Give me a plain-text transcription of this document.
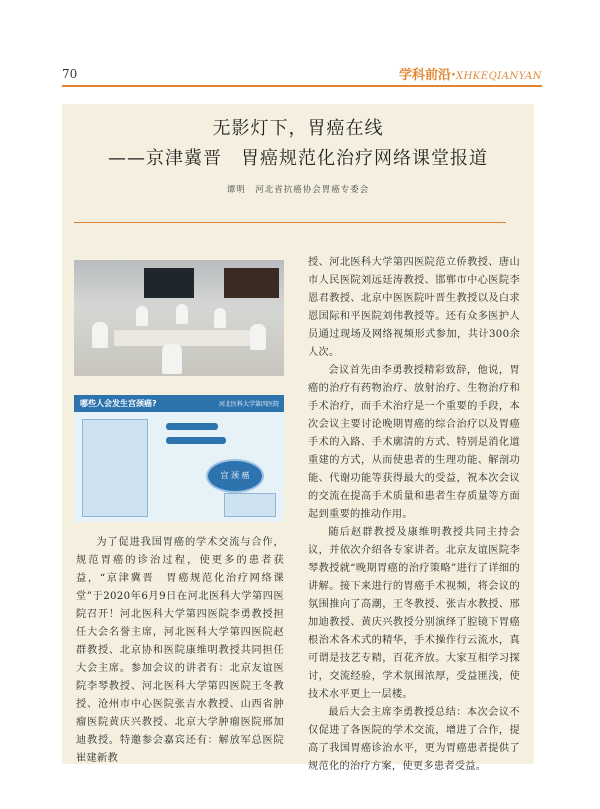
70	学科前沿·XHKEQIANYAN
无影灯下，胃癌在线
——京津冀晋　胃癌规范化治疗网络课堂报道
谭明　河北省抗癌协会胃癌专委会
哪些人会发生宫颈癌?	河北医科大学第四医院
宫 颈 癌

为了促进我国胃癌的学术交流与合作，规范胃癌的诊治过程，使更多的患者获益，“京津冀晋　胃癌规范化治疗网络课堂”于2020年6月9日在河北医科大学第四医院召开！河北医科大学第四医院李勇教授担任大会名誉主席，河北医科大学第四医院赵群教授、北京协和医院康维明教授共同担任大会主席。参加会议的讲者有：北京友谊医院李琴教授、河北医科大学第四医院王冬教授、沧州市中心医院张吉水教授、山西省肿瘤医院黄庆兴教授、北京大学肿瘤医院邢加迪教授。特邀参会嘉宾还有：解放军总医院崔建新教

授、河北医科大学第四医院范立侨教授、唐山市人民医院刘远廷涛教授、邯郸市中心医院李恩君教授、北京中医医院叶晋生教授以及白求恩国际和平医院刘伟教授等。还有众多医护人员通过现场及网络视频形式参加，共计300余人次。

会议首先由李勇教授精彩致辞，他说，胃癌的治疗有药物治疗、放射治疗、生物治疗和手术治疗，而手术治疗是一个重要的手段，本次会议主要讨论晚期胃癌的综合治疗以及胃癌手术的入路、手术廓清的方式、特别是消化道重建的方式，从而使患者的生理功能、解剖功能、代谢功能等获得最大的受益，祝本次会议的交流在提高手术质量和患者生存质量等方面起到重要的推动作用。

随后赵群教授及康维明教授共同主持会议，并依次介绍各专家讲者。北京友谊医院李琴教授就“晚期胃癌的治疗策略”进行了详细的讲解。接下来进行的胃癌手术视频，将会议的氛围推向了高潮，王冬教授、张吉水教授、邢加迪教授、黄庆兴教授分别演绎了腔镜下胃癌根治术各术式的精华，手术操作行云流水，真可谓是技艺专精，百花齐放。大家互相学习探讨，交流经验，学术氛围浓厚，受益匪浅，使技术水平更上一层楼。

最后大会主席李勇教授总结：本次会议不仅促进了各医院的学术交流，增进了合作，提高了我国胃癌诊治水平，更为胃癌患者提供了规范化的治疗方案，使更多患者受益。
